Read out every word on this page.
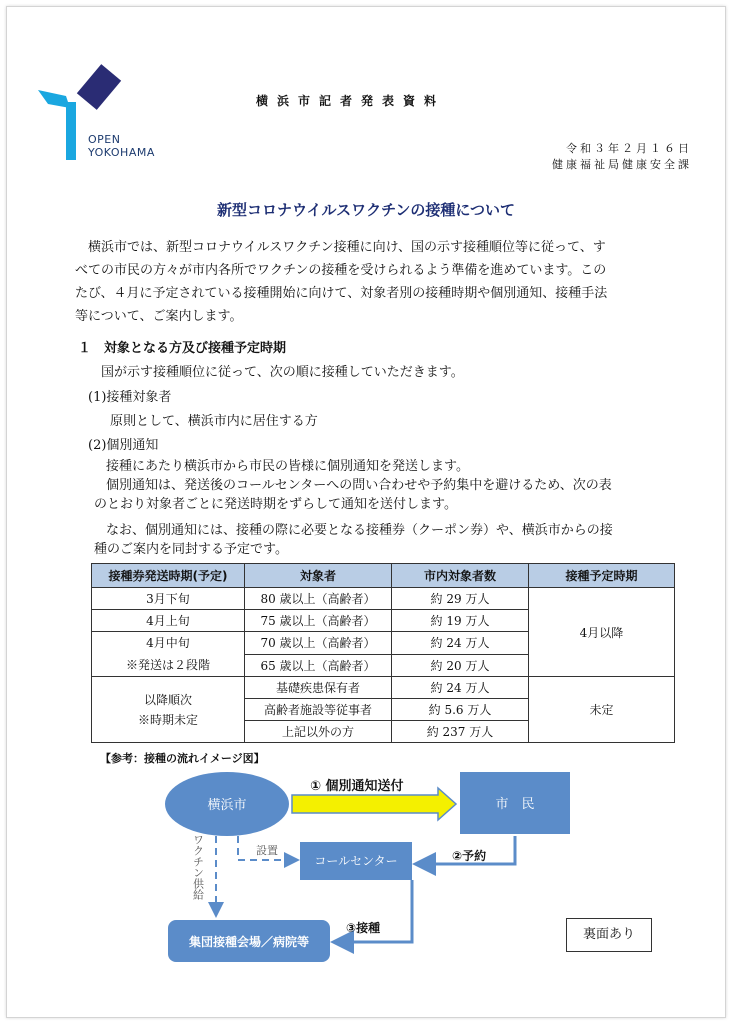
OPEN
YOKOHAMA
横浜市記者発表資料
令和３年２月１６日
健康福祉局健康安全課
新型コロナウイルスワクチンの接種について
横浜市では、新型コロナウイルスワクチン接種に向け、国の示す接種順位等に従って、す
べての市民の方々が市内各所でワクチンの接種を受けられるよう準備を進めています。この
たび、４月に予定されている接種開始に向けて、対象者別の接種時期や個別通知、接種手法
等について、ご案内します。
１　対象となる方及び接種予定時期
国が示す接種順位に従って、次の順に接種していただきます。
(1)接種対象者
原則として、横浜市内に居住する方
(2)個別通知
接種にあたり横浜市から市民の皆様に個別通知を発送します。
個別通知は、発送後のコールセンターへの問い合わせや予約集中を避けるため、次の表
のとおり対象者ごとに発送時期をずらして通知を送付します。
なお、個別通知には、接種の際に必要となる接種券（クーポン券）や、横浜市からの接
種のご案内を同封する予定です。
接種券発送時期(予定)	対象者	市内対象者数	接種予定時期
3月下旬	80 歳以上（高齢者）	約 29 万人	4月以降
4月上旬	75 歳以上（高齢者）	約 19 万人	

4月中旬
※発送は２段階	70 歳以上（高齢者）	約 24 万人	
	65 歳以上（高齢者）	約 20 万人	

以降順次
※時期未定	基礎疾患保有者	約 24 万人	未定
	高齢者施設等従事者	約 5.6 万人	
	上記以外の方	約 237 万人	
【参考：接種の流れイメージ図】
横浜市	市　民
① 個別通知送付
コールセンター
設置	②予約
ワクチン供給
集団接種会場／病院等
③接種	裏面あり
